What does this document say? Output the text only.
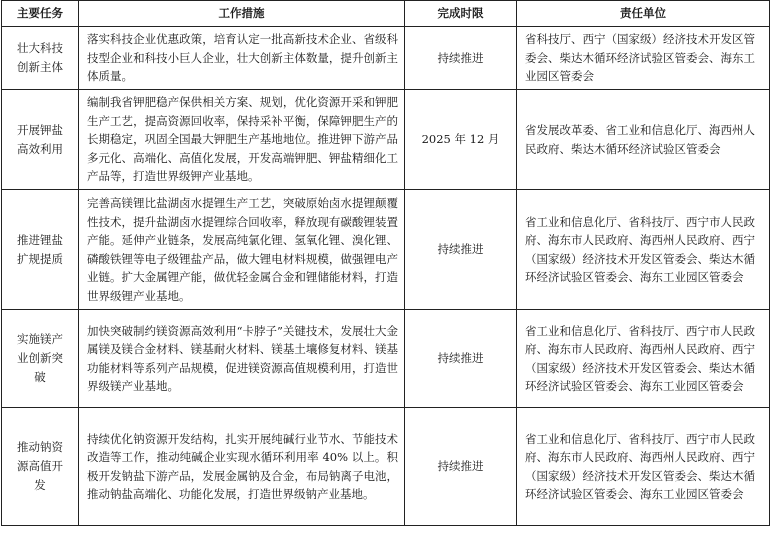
主要任务	工作措施	完成时限	责任单位
壮大科技创新主体	落实科技企业优惠政策，培育认定一批高新技术企业、省级科技型企业和科技小巨人企业，壮大创新主体数量，提升创新主体质量。	持续推进	省科技厅、西宁（国家级）经济技术开发区管委会、柴达木循环经济试验区管委会、海东工业园区管委会
开展钾盐高效利用	编制我省钾肥稳产保供相关方案、规划，优化资源开采和钾肥生产工艺，提高资源回收率，保持采补平衡，保障钾肥生产的长期稳定，巩固全国最大钾肥生产基地地位。推进钾下游产品多元化、高端化、高值化发展，开发高端钾肥、钾盐精细化工产品等，打造世界级钾产业基地。	2025 年 12 月	省发展改革委、省工业和信息化厅、海西州人民政府、柴达木循环经济试验区管委会
推进锂盐扩规提质	完善高镁锂比盐湖卤水提锂生产工艺，突破原始卤水提锂颠覆性技术，提升盐湖卤水提锂综合回收率，释放现有碳酸锂装置产能。延伸产业链条，发展高纯氯化锂、氢氧化锂、溴化锂、磷酸铁锂等电子级锂盐产品，做大锂电材料规模，做强锂电产业链。扩大金属锂产能，做优轻金属合金和锂储能材料，打造世界级锂产业基地。	持续推进	省工业和信息化厅、省科技厅、西宁市人民政府、海东市人民政府、海西州人民政府、西宁（国家级）经济技术开发区管委会、柴达木循环经济试验区管委会、海东工业园区管委会
实施镁产业创新突破	加快突破制约镁资源高效利用“卡脖子”关键技术，发展壮大金属镁及镁合金材料、镁基耐火材料、镁基土壤修复材料、镁基功能材料等系列产品规模，促进镁资源高值规模利用，打造世界级镁产业基地。	持续推进	省工业和信息化厅、省科技厅、西宁市人民政府、海东市人民政府、海西州人民政府、西宁（国家级）经济技术开发区管委会、柴达木循环经济试验区管委会、海东工业园区管委会
推动钠资源高值开发	持续优化钠资源开发结构，扎实开展纯碱行业节水、节能技术改造等工作，推动纯碱企业实现水循环利用率 40% 以上。积极开发钠盐下游产品，发展金属钠及合金，布局钠离子电池，推动钠盐高端化、功能化发展，打造世界级钠产业基地。	持续推进	省工业和信息化厅、省科技厅、西宁市人民政府、海东市人民政府、海西州人民政府、西宁（国家级）经济技术开发区管委会、柴达木循环经济试验区管委会、海东工业园区管委会
